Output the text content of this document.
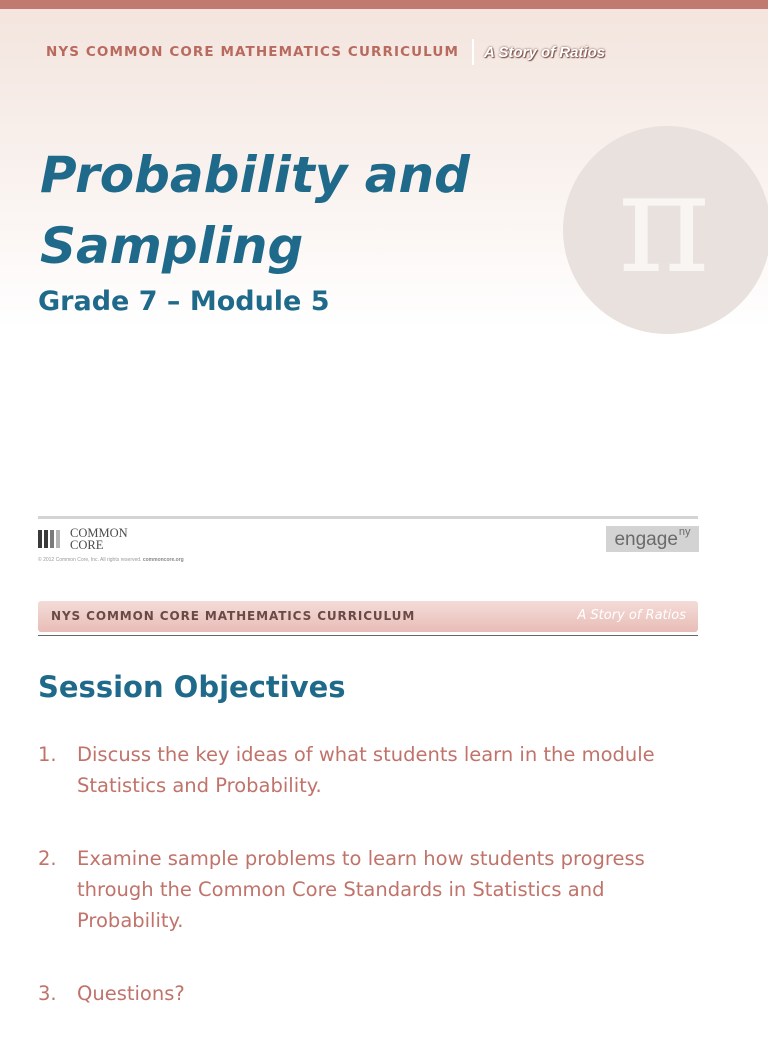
NYS COMMON CORE MATHEMATICS CURRICULUM A Story of Ratios
π
Probability and
Sampling
Grade 7 – Module 5
COMMON
CORE
© 2012 Common Core, Inc. All rights reserved. commoncore.org
engage ny
NYS COMMON CORE MATHEMATICS CURRICULUM	A Story of Ratios
Session Objectives
1.	Discuss the key ideas of what students learn in the module Statistics and Probability.
2.	Examine sample problems to learn how students progress through the Common Core Standards in Statistics and Probability.
3.	Questions?
